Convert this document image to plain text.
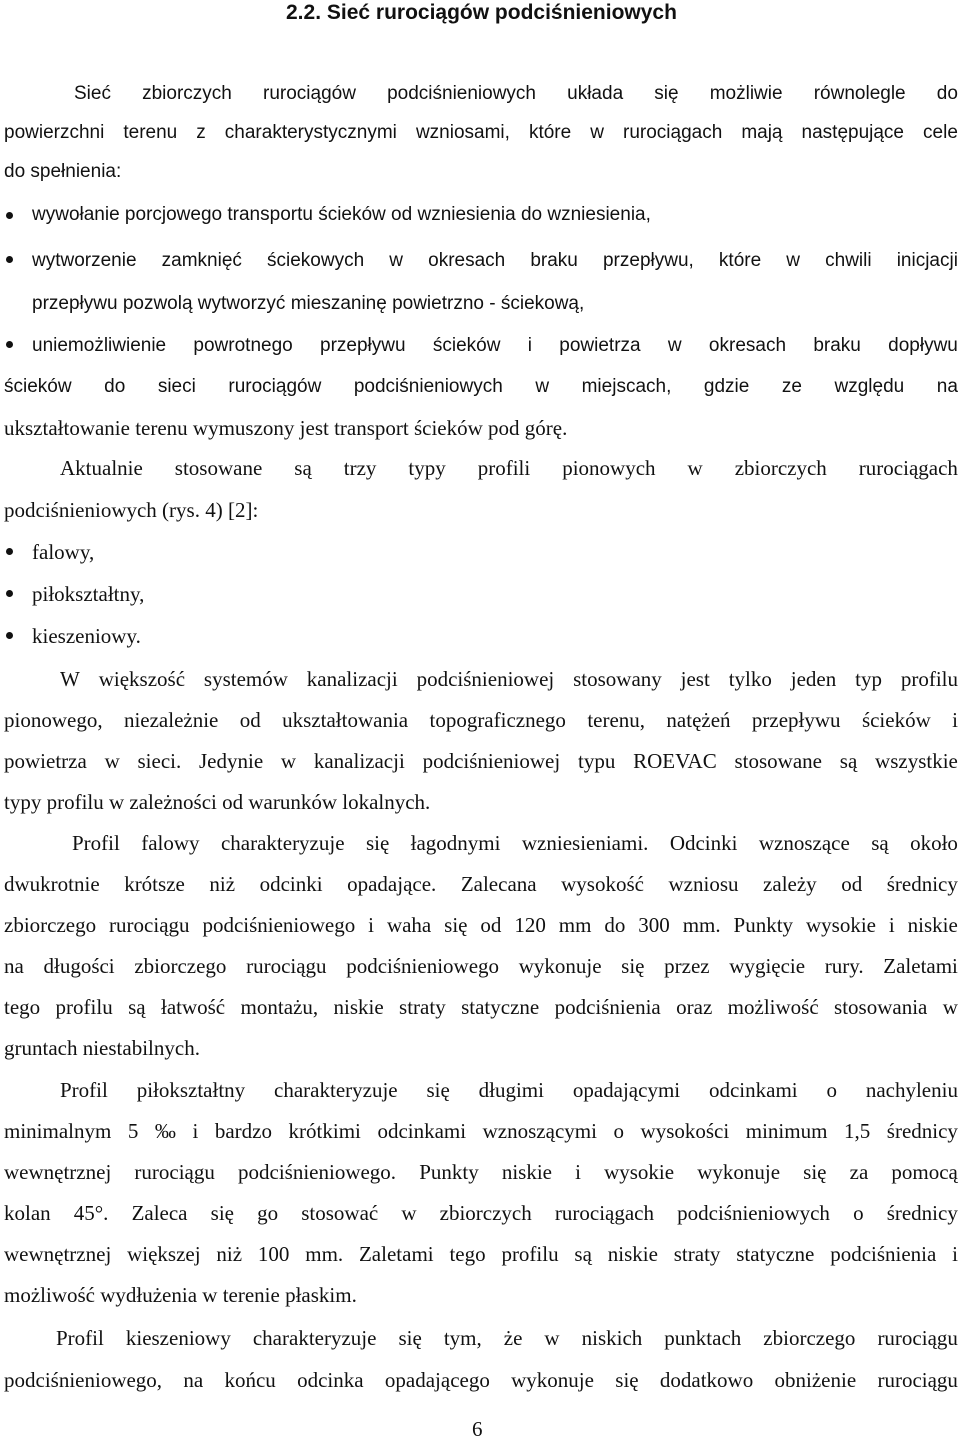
2.2. Sieć rurociągów podciśnieniowych
Sieć zbiorczych rurociągów podciśnieniowych układa się możliwie równolegle do
powierzchni terenu z charakterystycznymi wzniosami, które w rurociągach mają następujące cele
do spełnienia:
wywołanie porcjowego transportu ścieków od wzniesienia do wzniesienia,
wytworzenie zamknięć ściekowych w okresach braku przepływu, które w chwili inicjacji
przepływu pozwolą wytworzyć mieszaninę powietrzno - ściekową,
uniemożliwienie powrotnego przepływu ścieków i powietrza w okresach braku dopływu
ścieków do sieci rurociągów podciśnieniowych w miejscach, gdzie ze względu na
ukształtowanie terenu wymuszony jest transport ścieków pod górę.
Aktualnie stosowane są trzy typy profili pionowych w zbiorczych rurociągach
podciśnieniowych (rys. 4) [2]:
falowy,
piłokształtny,
kieszeniowy.
W większość systemów kanalizacji podciśnieniowej stosowany jest tylko jeden typ profilu
pionowego, niezależnie od ukształtowania topograficznego terenu, natężeń przepływu ścieków i
powietrza w sieci. Jedynie w kanalizacji podciśnieniowej typu ROEVAC stosowane są wszystkie
typy profilu w zależności od warunków lokalnych.
Profil falowy charakteryzuje się łagodnymi wzniesieniami. Odcinki wznoszące są około
dwukrotnie krótsze niż odcinki opadające. Zalecana wysokość wzniosu zależy od średnicy
zbiorczego rurociągu podciśnieniowego i waha się od 120 mm do 300 mm. Punkty wysokie i niskie
na długości zbiorczego rurociągu podciśnieniowego wykonuje się przez wygięcie rury. Zaletami
tego profilu są łatwość montażu, niskie straty statyczne podciśnienia oraz możliwość stosowania w
gruntach niestabilnych.
Profil piłokształtny charakteryzuje się długimi opadającymi odcinkami o nachyleniu
minimalnym 5 ‰ i bardzo krótkimi odcinkami wznoszącymi o wysokości minimum 1,5 średnicy
wewnętrznej rurociągu podciśnieniowego. Punkty niskie i wysokie wykonuje się za pomocą
kolan 45°. Zaleca się go stosować w zbiorczych rurociągach podciśnieniowych o średnicy
wewnętrznej większej niż 100 mm. Zaletami tego profilu są niskie straty statyczne podciśnienia i
możliwość wydłużenia w terenie płaskim.
Profil kieszeniowy charakteryzuje się tym, że w niskich punktach zbiorczego rurociągu
podciśnieniowego, na końcu odcinka opadającego wykonuje się dodatkowo obniżenie rurociągu
6
